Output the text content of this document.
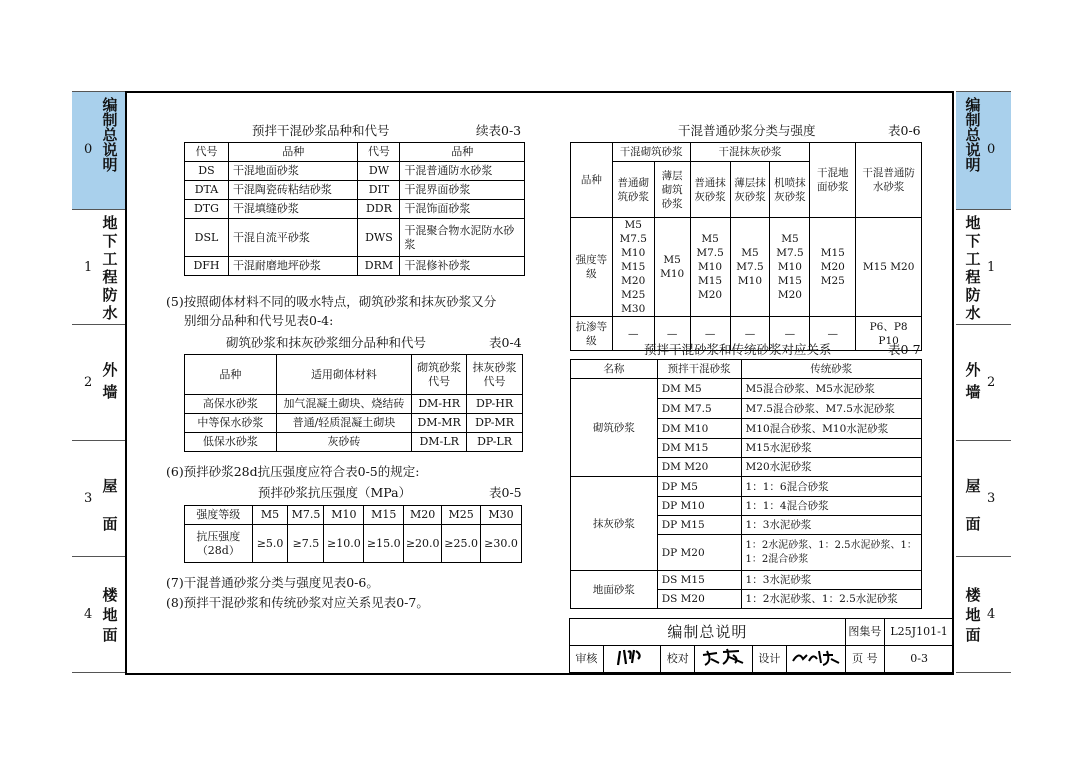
0
编
制
总
说
明
1
地
下
工
程
防
水
2
外
墙
3
屋
面
4
楼
地
面
0
编
制
总
说
明
1
地
下
工
程
防
水
2
外
墙
3
屋
面
4
楼
地
面
预拌干混砂浆品种和代号	续表0-3
代号	品种	代号	品种
DS	干混地面砂浆	DW	干混普通防水砂浆
DTA	干混陶瓷砖粘结砂浆	DIT	干混界面砂浆
DTG	干混填缝砂浆	DDR	干混饰面砂浆
DSL	干混自流平砂浆	DWS	干混聚合物水泥防水砂浆
DFH	干混耐磨地坪砂浆	DRM	干混修补砂浆
(5)按照砌体材料不同的吸水特点，砌筑砂浆和抹灰砂浆又分
别细分品种和代号见表0-4:
砌筑砂浆和抹灰砂浆细分品种和代号	表0-4
品种	适用砌体材料	砌筑砂浆代号	抹灰砂浆代号
高保水砂浆	加气混凝土砌块、烧结砖	DM-HR	DP-HR
中等保水砂浆	普通/轻质混凝土砌块	DM-MR	DP-MR
低保水砂浆	灰砂砖	DM-LR	DP-LR
(6)预拌砂浆28d抗压强度应符合表0-5的规定:
预拌砂浆抗压强度（MPa）	表0-5
强度等级	M5	M7.5	M10	M15	M20	M25	M30
抗压强度（28d）	≥5.0	≥7.5	≥10.0	≥15.0	≥20.0	≥25.0	≥30.0
(7)干混普通砂浆分类与强度见表0-6。
(8)预拌干混砂浆和传统砂浆对应关系见表0-7。
干混普通砂浆分类与强度	表0-6
品种	干混砌筑砂浆		干混抹灰砂浆			干混地面砂浆	干混普通防水砂浆
	普通砌筑砂浆	薄层砌筑砂浆	普通抹灰砂浆	薄层抹灰砂浆	机喷抹灰砂浆		
强度等级	M5 M7.5 M10 M15 M20 M25 M30	M5 M10	M5 M7.5 M10 M15 M20	M5 M7.5 M10	M5 M7.5 M10 M15 M20	M15 M20 M25	M15 M20
抗渗等级	—	—	—	—	—	—	P6、P8 P10
预拌干混砂浆和传统砂浆对应关系	表0-7
名称	预拌干混砂浆	传统砂浆
砌筑砂浆	DM M5	M5混合砂浆、M5水泥砂浆
	DM M7.5	M7.5混合砂浆、M7.5水泥砂浆
	DM M10	M10混合砂浆、M10水泥砂浆
	DM M15	M15水泥砂浆
	DM M20	M20水泥砂浆
抹灰砂浆	DP M5	1：1：6混合砂浆
	DP M10	1：1：4混合砂浆
	DP M15	1：3水泥砂浆
	DP M20	1：2水泥砂浆、1：2.5水泥砂浆、1：1：2混合砂浆
地面砂浆	DS M15	1：3水泥砂浆
	DS M20	1：2水泥砂浆、1：2.5水泥砂浆
编制总说明						图集号	L25J101-1
审核		校对		设计		页 号	0-3
